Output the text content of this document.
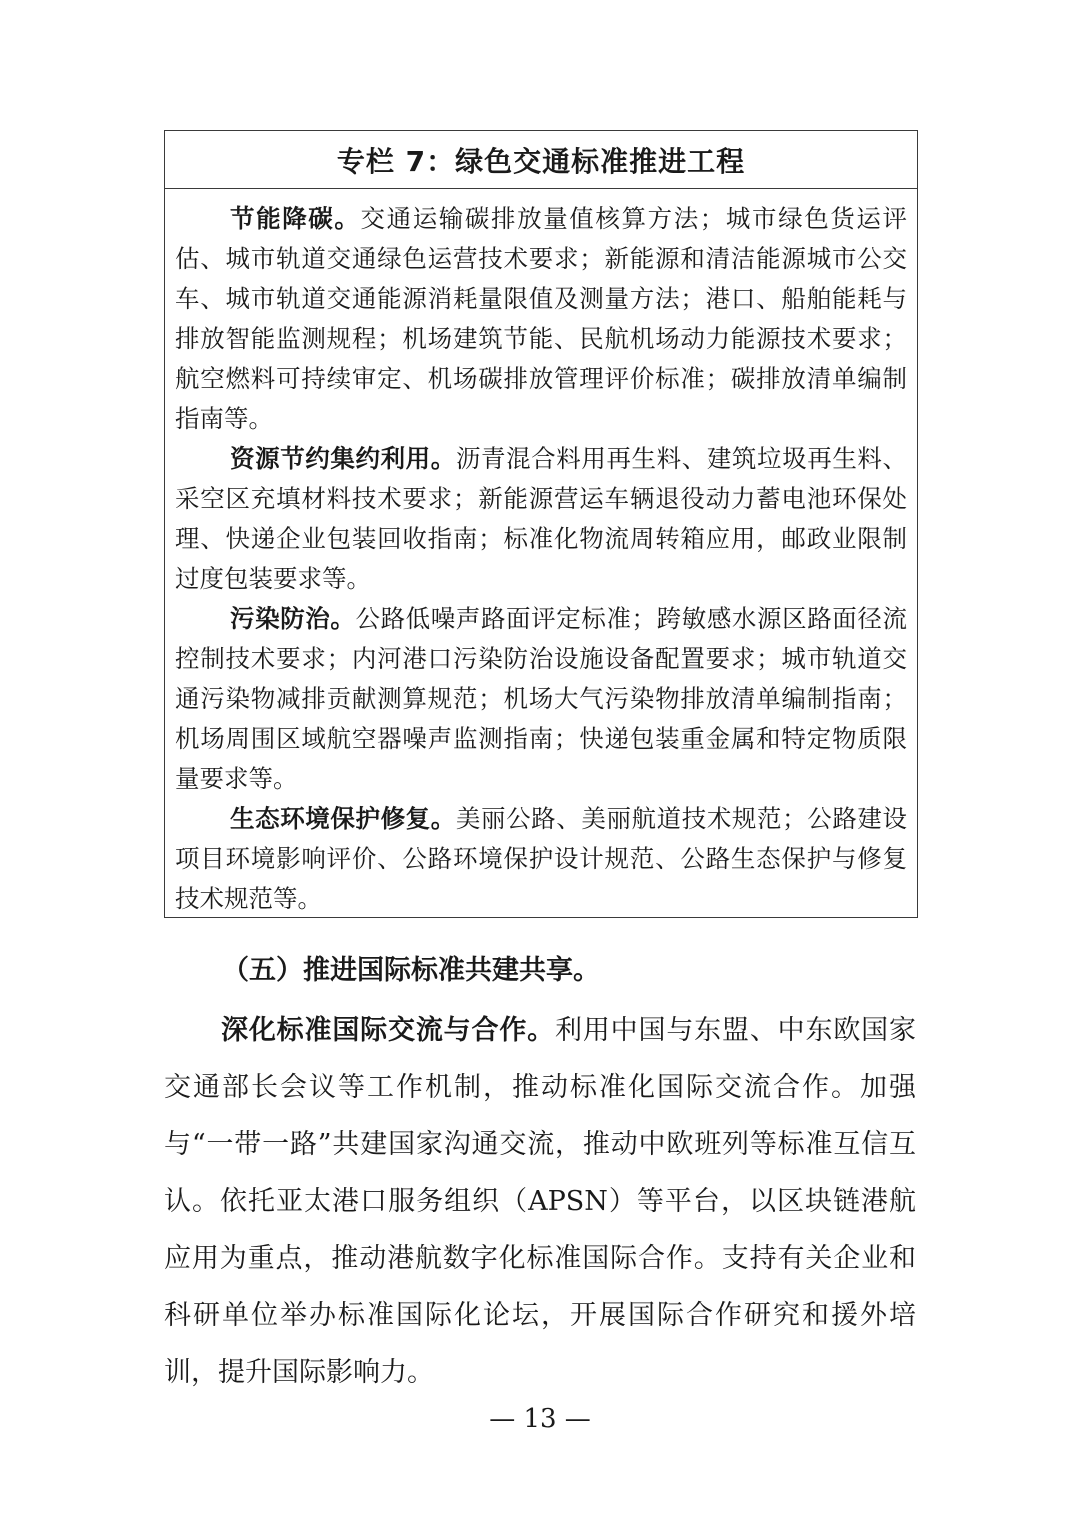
专栏 7：绿色交通标准推进工程

节能降碳。交通运输碳排放量值核算方法；城市绿色货运评估、城市轨道交通绿色运营技术要求；新能源和清洁能源城市公交车、城市轨道交通能源消耗量限值及测量方法；港口、船舶能耗与排放智能监测规程；机场建筑节能、民航机场动力能源技术要求；航空燃料可持续审定、机场碳排放管理评价标准；碳排放清单编制指南等。

资源节约集约利用。沥青混合料用再生料、建筑垃圾再生料、采空区充填材料技术要求；新能源营运车辆退役动力蓄电池环保处理、快递企业包装回收指南；标准化物流周转箱应用，邮政业限制过度包装要求等。

污染防治。公路低噪声路面评定标准；跨敏感水源区路面径流控制技术要求；内河港口污染防治设施设备配置要求；城市轨道交通污染物减排贡献测算规范；机场大气污染物排放清单编制指南；机场周围区域航空器噪声监测指南；快递包装重金属和特定物质限量要求等。

生态环境保护修复。美丽公路、美丽航道技术规范；公路建设项目环境影响评价、公路环境保护设计规范、公路生态保护与修复技术规范等。

（五）推进国际标准共建共享。

深化标准国际交流与合作。利用中国与东盟、中东欧国家交通部长会议等工作机制，推动标准化国际交流合作。加强与“一带一路”共建国家沟通交流，推动中欧班列等标准互信互认。依托亚太港口服务组织（APSN）等平台，以区块链港航应用为重点，推动港航数字化标准国际合作。支持有关企业和科研单位举办标准国际化论坛，开展国际合作研究和援外培训，提升国际影响力。

— 13 —
